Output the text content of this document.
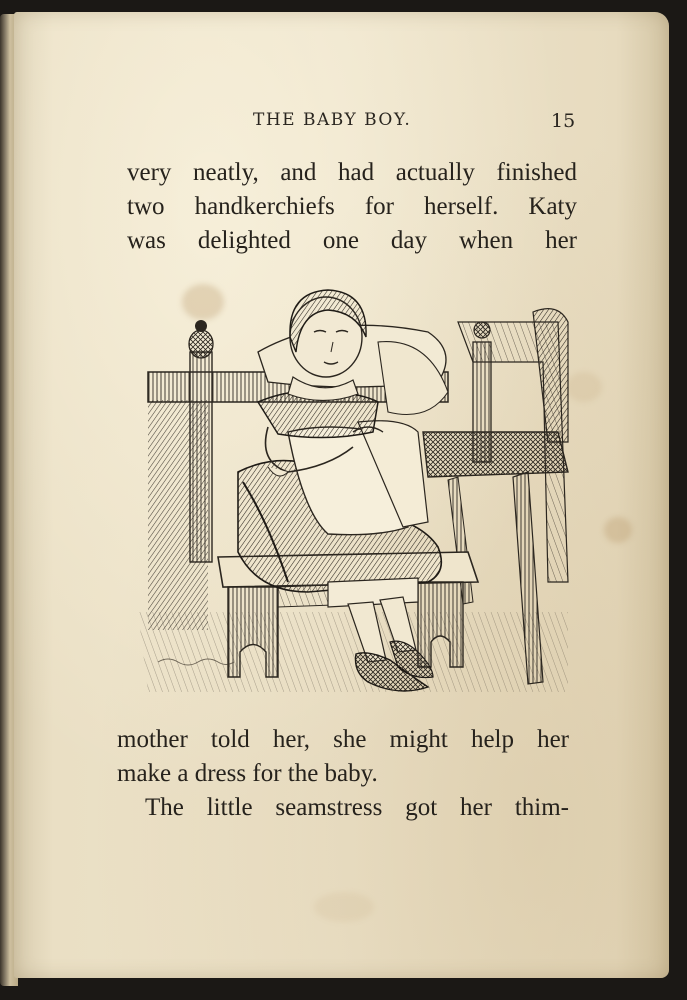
THE BABY BOY.	15
very neatly, and had actually finished
two handkerchiefs for herself. Katy
was delighted one day when her
mother told her, she might help her
make a dress for the baby.
The little seamstress got her thim-
